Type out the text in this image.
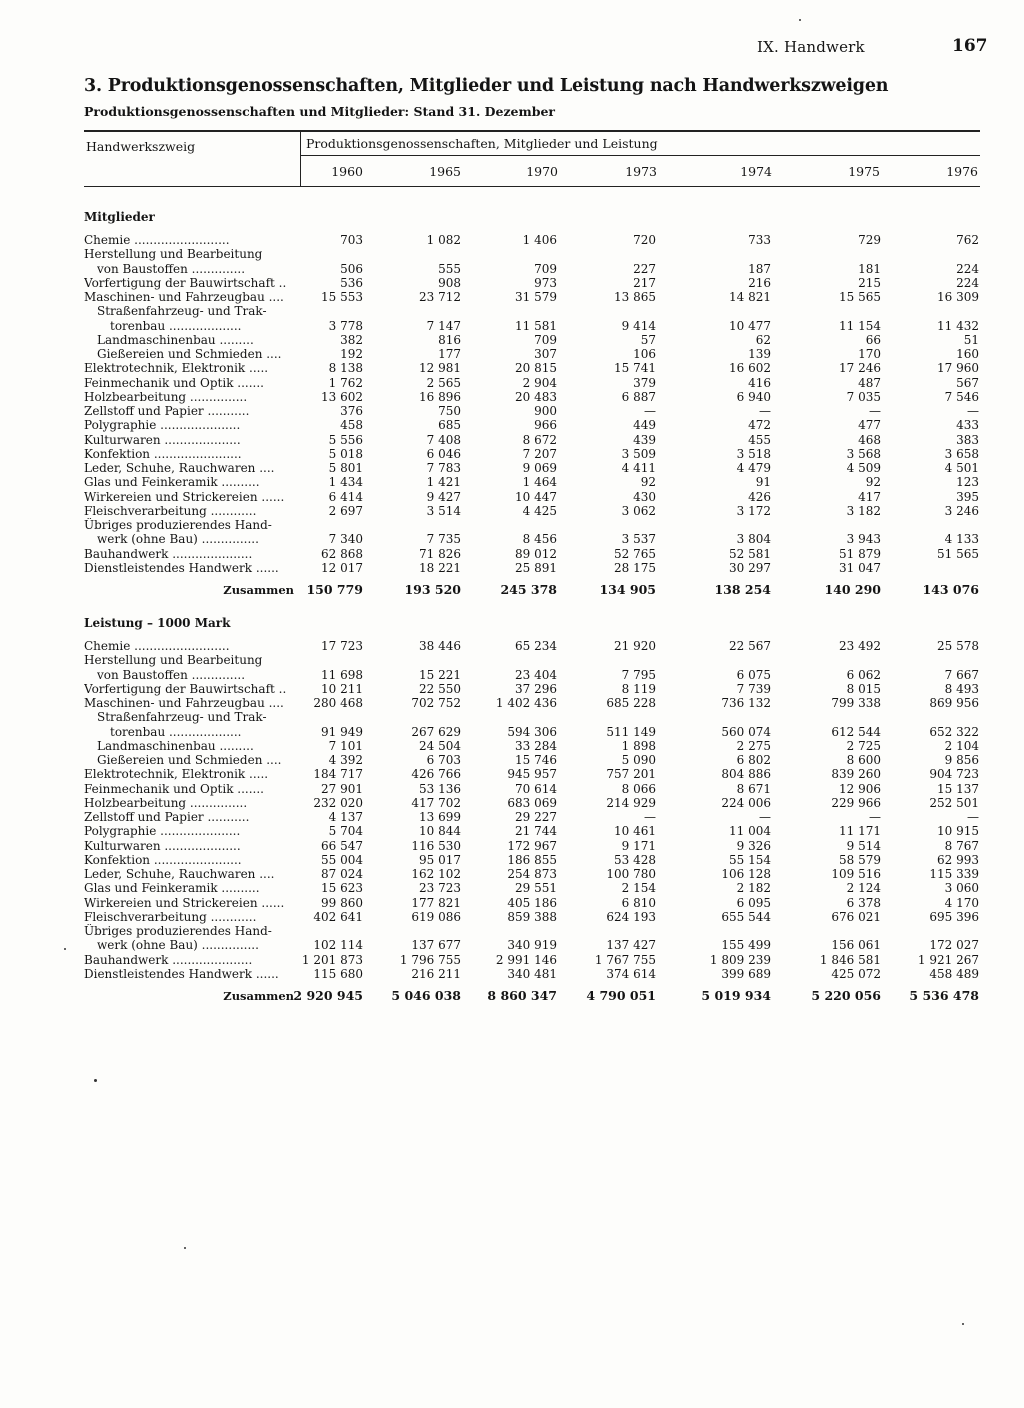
IX. Handwerk	167
3. Produktionsgenossenschaften, Mitglieder und Leistung nach Handwerkszweigen
Produktionsgenossenschaften und Mitglieder: Stand 31. Dezember
Handwerkszweig	Produktionsgenossenschaften, Mitglieder und Leistung
1960	1965	1970	1973	1974	1975	1976
Mitglieder
Chemie .........................	703	1 082	1 406	720	733	729	762
Herstellung und Bearbeitung
von Baustoffen ..............	506	555	709	227	187	181	224
Vorfertigung der Bauwirtschaft ..	536	908	973	217	216	215	224
Maschinen- und Fahrzeugbau ....	15 553	23 712	31 579	13 865	14 821	15 565	16 309
Straßenfahrzeug- und Trak-
torenbau ...................	3 778	7 147	11 581	9 414	10 477	11 154	11 432
Landmaschinenbau .........	382	816	709	57	62	66	51
Gießereien und Schmieden ....	192	177	307	106	139	170	160
Elektrotechnik, Elektronik .....	8 138	12 981	20 815	15 741	16 602	17 246	17 960
Feinmechanik und Optik .......	1 762	2 565	2 904	379	416	487	567
Holzbearbeitung ...............	13 602	16 896	20 483	6 887	6 940	7 035	7 546
Zellstoff und Papier ...........	376	750	900	—	—	—	—
Polygraphie .....................	458	685	966	449	472	477	433
Kulturwaren ....................	5 556	7 408	8 672	439	455	468	383
Konfektion .......................	5 018	6 046	7 207	3 509	3 518	3 568	3 658
Leder, Schuhe, Rauchwaren ....	5 801	7 783	9 069	4 411	4 479	4 509	4 501
Glas und Feinkeramik ..........	1 434	1 421	1 464	92	91	92	123
Wirkereien und Strickereien ......	6 414	9 427	10 447	430	426	417	395
Fleischverarbeitung ............	2 697	3 514	4 425	3 062	3 172	3 182	3 246
Übriges produzierendes Hand-
werk (ohne Bau) ...............	7 340	7 735	8 456	3 537	3 804	3 943	4 133
Bauhandwerk .....................	62 868	71 826	89 012	52 765	52 581	51 879	51 565
Dienstleistendes Handwerk ......	12 017	18 221	25 891	28 175	30 297	31 047
Zusammen 150 779	193 520	245 378	134 905	138 254	140 290	143 076
Leistung – 1000 Mark
Chemie .........................	17 723	38 446	65 234	21 920	22 567	23 492	25 578
Herstellung und Bearbeitung
von Baustoffen ..............	11 698	15 221	23 404	7 795	6 075	6 062	7 667
Vorfertigung der Bauwirtschaft ..	10 211	22 550	37 296	8 119	7 739	8 015	8 493
Maschinen- und Fahrzeugbau ....	280 468	702 752	1 402 436	685 228	736 132	799 338	869 956
Straßenfahrzeug- und Trak-
torenbau ...................	91 949	267 629	594 306	511 149	560 074	612 544	652 322
Landmaschinenbau .........	7 101	24 504	33 284	1 898	2 275	2 725	2 104
Gießereien und Schmieden ....	4 392	6 703	15 746	5 090	6 802	8 600	9 856
Elektrotechnik, Elektronik .....	184 717	426 766	945 957	757 201	804 886	839 260	904 723
Feinmechanik und Optik .......	27 901	53 136	70 614	8 066	8 671	12 906	15 137
Holzbearbeitung ...............	232 020	417 702	683 069	214 929	224 006	229 966	252 501
Zellstoff und Papier ...........	4 137	13 699	29 227	—	—	—	—
Polygraphie .....................	5 704	10 844	21 744	10 461	11 004	11 171	10 915
Kulturwaren ....................	66 547	116 530	172 967	9 171	9 326	9 514	8 767
Konfektion .......................	55 004	95 017	186 855	53 428	55 154	58 579	62 993
Leder, Schuhe, Rauchwaren ....	87 024	162 102	254 873	100 780	106 128	109 516	115 339
Glas und Feinkeramik ..........	15 623	23 723	29 551	2 154	2 182	2 124	3 060
Wirkereien und Strickereien ......	99 860	177 821	405 186	6 810	6 095	6 378	4 170
Fleischverarbeitung ............	402 641	619 086	859 388	624 193	655 544	676 021	695 396
Übriges produzierendes Hand-
werk (ohne Bau) ...............	102 114	137 677	340 919	137 427	155 499	156 061	172 027
Bauhandwerk .....................	1 201 873	1 796 755	2 991 146	1 767 755	1 809 239	1 846 581	1 921 267
Dienstleistendes Handwerk ......	115 680	216 211	340 481	374 614	399 689	425 072	458 489
Zusammen 2 920 945	5 046 038	8 860 347	4 790 051	5 019 934	5 220 056	5 536 478
